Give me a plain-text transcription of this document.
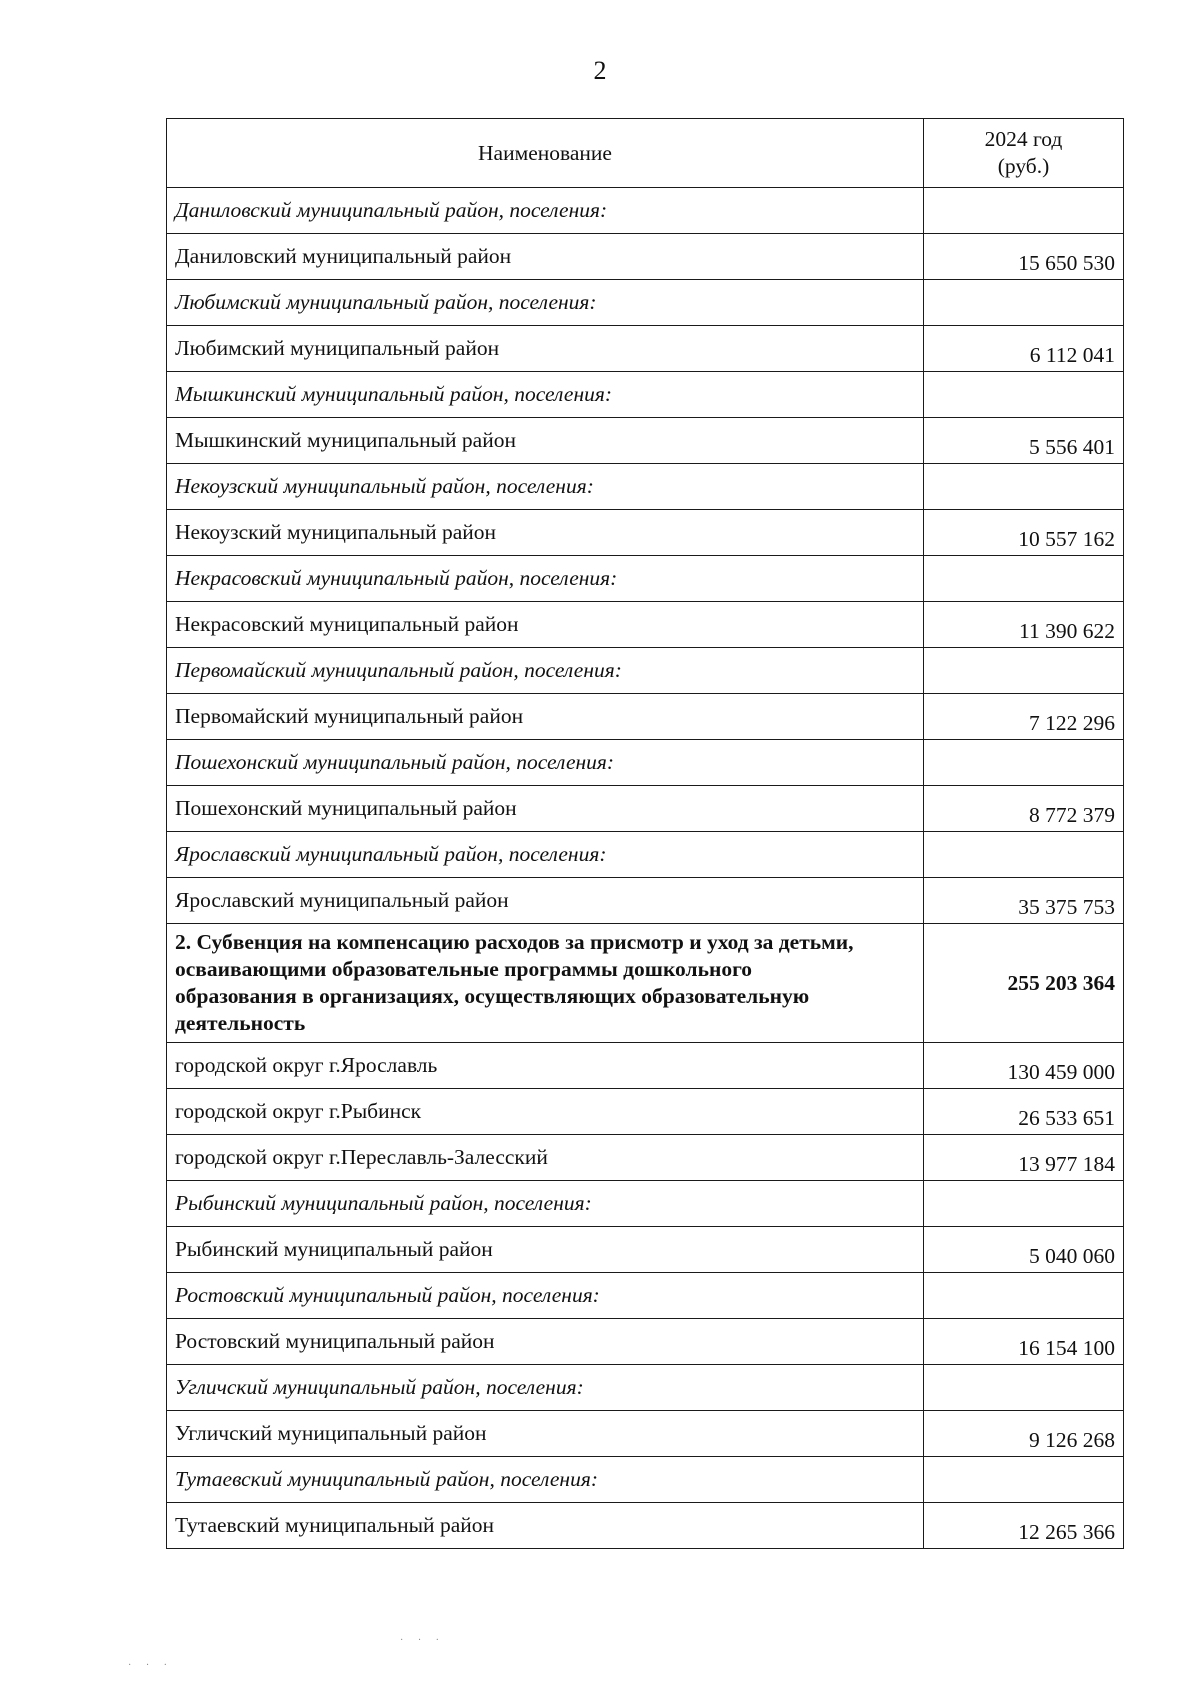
2
Наименование	2024 год
(руб.)
Даниловский муниципальный район, поселения:	
Даниловский муниципальный район	15 650 530
Любимский муниципальный район, поселения:	
Любимский муниципальный район	6 112 041
Мышкинский муниципальный район, поселения:	
Мышкинский муниципальный район	5 556 401
Некоузский муниципальный район, поселения:	
Некоузский муниципальный район	10 557 162
Некрасовский муниципальный район, поселения:	
Некрасовский муниципальный район	11 390 622
Первомайский муниципальный район, поселения:	
Первомайский муниципальный район	7 122 296
Пошехонский муниципальный район, поселения:	
Пошехонский муниципальный район	8 772 379
Ярославский муниципальный район, поселения:	
Ярославский муниципальный район	35 375 753
2. Субвенция на компенсацию расходов за присмотр и уход за детьми, осваивающими образовательные программы дошкольного образования в организациях, осуществляющих образовательную деятельность	255 203 364
городской округ г.Ярославль	130 459 000
городской округ г.Рыбинск	26 533 651
городской округ г.Переславль-Залесский	13 977 184
Рыбинский муниципальный район, поселения:	
Рыбинский муниципальный район	5 040 060
Ростовский муниципальный район, поселения:	
Ростовский муниципальный район	16 154 100
Угличский муниципальный район, поселения:	
Угличский муниципальный район	9 126 268
Тутаевский муниципальный район, поселения:	
Тутаевский муниципальный район	12 265 366
· · ·
· · ·
